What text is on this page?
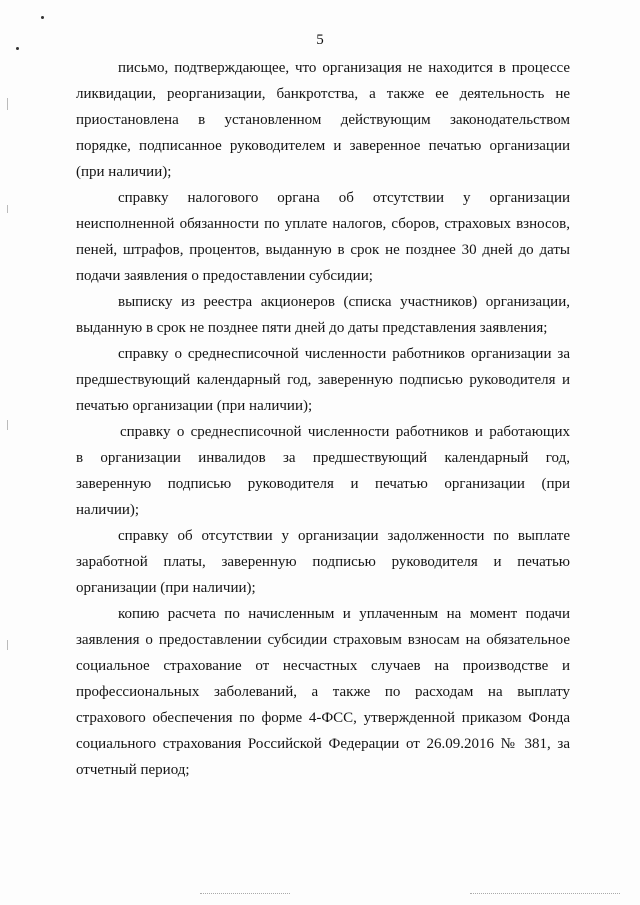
5
письмо, подтверждающее, что организация не находится в процессе
ликвидации, реорганизации, банкротства, а также ее деятельность не
приостановлена в установленном действующим законодательством
порядке, подписанное руководителем и заверенное печатью организации
(при наличии);
справку налогового органа об отсутствии у организации
неисполненной обязанности по уплате налогов, сборов, страховых взносов,
пеней, штрафов, процентов, выданную в срок не позднее 30 дней до даты
подачи заявления о предоставлении субсидии;
выписку из реестра акционеров (списка участников) организации,
выданную в срок не позднее пяти дней до даты представления заявления;
справку о среднесписочной численности работников организации за
предшествующий календарный год, заверенную подписью руководителя и
печатью организации (при наличии);
справку о среднесписочной численности работников и работающих
в организации инвалидов за предшествующий календарный год,
заверенную подписью руководителя и печатью организации (при
наличии);
справку об отсутствии у организации задолженности по выплате
заработной платы, заверенную подписью руководителя и печатью
организации (при наличии);
копию расчета по начисленным и уплаченным на момент подачи
заявления о предоставлении субсидии страховым взносам на обязательное
социальное страхование от несчастных случаев на производстве и
профессиональных заболеваний, а также по расходам на выплату
страхового обеспечения по форме 4-ФСС, утвержденной приказом Фонда
социального страхования Российской Федерации от 26.09.2016 № 381, за
отчетный период;
